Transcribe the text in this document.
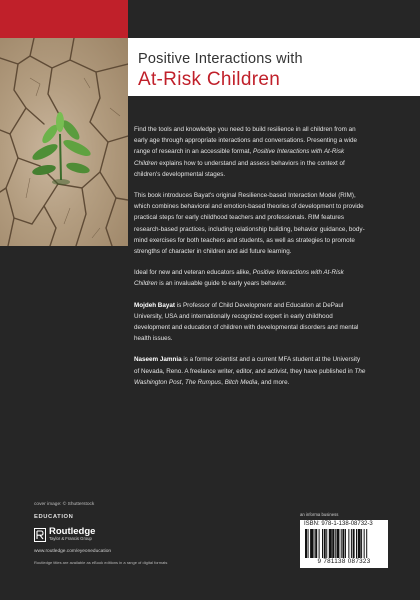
Positive Interactions with
At-Risk Children

Find the tools and knowledge you need to build resilience in all children from an early age through appropriate interactions and conversations. Presenting a wide range of research in an accessible format, Positive Interactions with At-Risk Children explains how to understand and assess behaviors in the context of children's developmental stages.

This book introduces Bayat's original Resilience-based Interaction Model (RIM), which combines behavioral and emotion-based theories of development to provide practical steps for early childhood teachers and professionals. RIM features research-based practices, including relationship building, behavior guidance, body-mind exercises for both teachers and students, as well as strategies to promote strengths of character in children and aid future learning.

Ideal for new and veteran educators alike, Positive Interactions with At-Risk Children is an invaluable guide to early years behavior.

Mojdeh Bayat is Professor of Child Development and Education at DePaul University, USA and internationally recognized expert in early childhood development and education of children with developmental disorders and mental health issues.

Naseem Jamnia is a former scientist and a current MFA student at the University of Nevada, Reno. A freelance writer, editor, and activist, they have published in The Washington Post, The Rumpus, Bitch Media, and more.

cover image: © Shutterstock
EDUCATION
Routledge
Taylor & Francis Group
www.routledge.com/eyeoneducation
Routledge titles are available as eBook editions in a range of digital formats
an informa business
ISBN: 978-1-138-08732-3
9 781138 087323
